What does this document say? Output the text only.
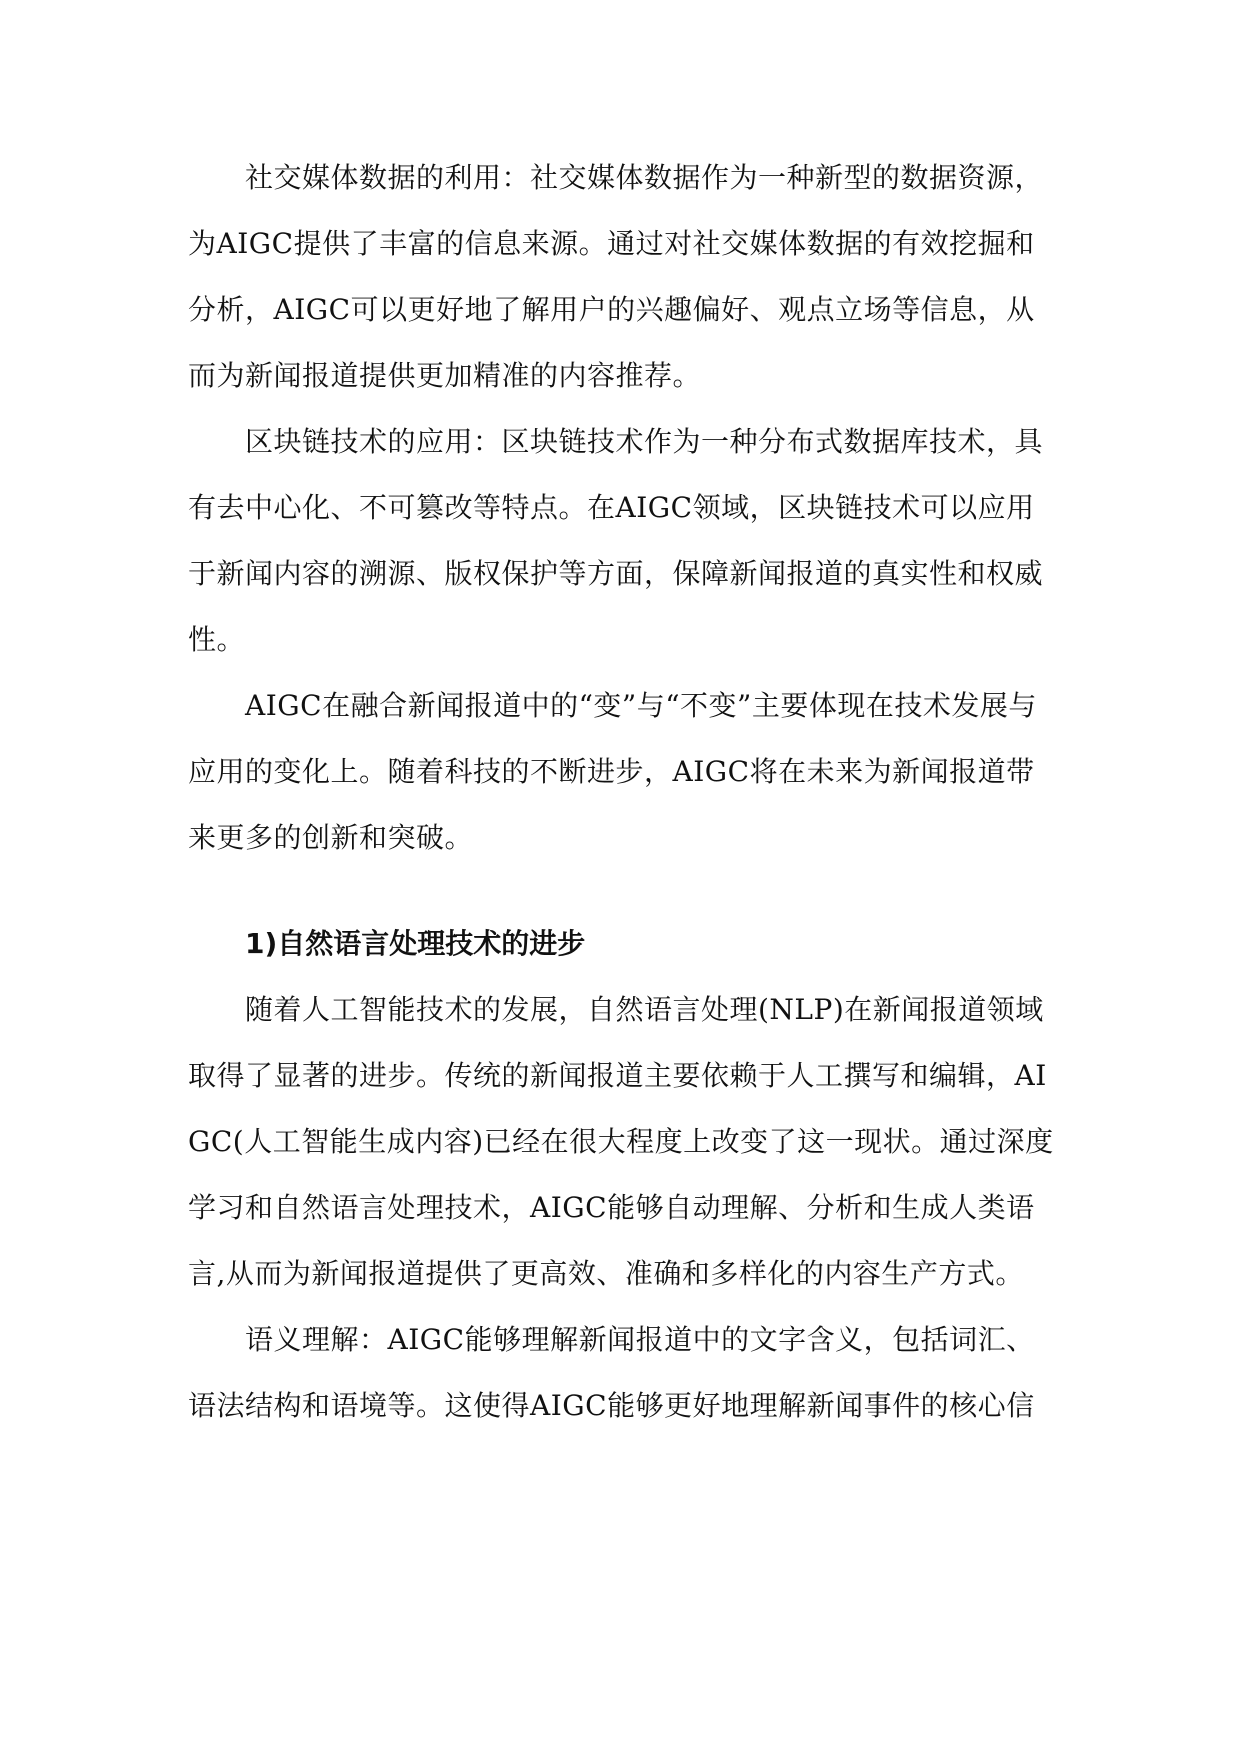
社交媒体数据的利用：社交媒体数据作为一种新型的数据资源，为AIGC提供了丰富的信息来源。通过对社交媒体数据的有效挖掘和分析，AIGC可以更好地了解用户的兴趣偏好、观点立场等信息，从而为新闻报道提供更加精准的内容推荐。

区块链技术的应用：区块链技术作为一种分布式数据库技术，具有去中心化、不可篡改等特点。在AIGC领域，区块链技术可以应用于新闻内容的溯源、版权保护等方面，保障新闻报道的真实性和权威性。

AIGC在融合新闻报道中的“变”与“不变”主要体现在技术发展与应用的变化上。随着科技的不断进步，AIGC将在未来为新闻报道带来更多的创新和突破。

1)自然语言处理技术的进步

随着人工智能技术的发展，自然语言处理(NLP)在新闻报道领域取得了显著的进步。传统的新闻报道主要依赖于人工撰写和编辑，AIGC(人工智能生成内容)已经在很大程度上改变了这一现状。通过深度学习和自然语言处理技术，AIGC能够自动理解、分析和生成人类语言,从而为新闻报道提供了更高效、准确和多样化的内容生产方式。

语义理解：AIGC能够理解新闻报道中的文字含义，包括词汇、语法结构和语境等。这使得AIGC能够更好地理解新闻事件的核心信
